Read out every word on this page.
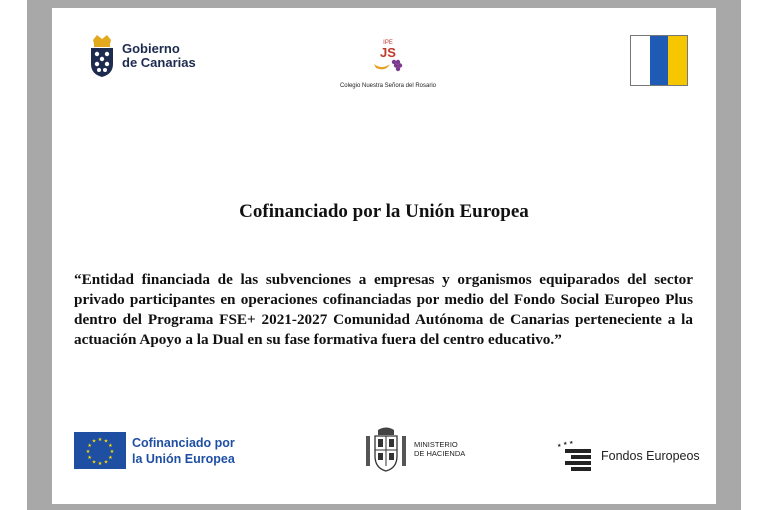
Gobierno
de Canarias
IPE
JS
Colegio Nuestra Señora del Rosario
Cofinanciado por la Unión Europea
“Entidad financiada de las subvenciones a empresas y organismos equiparados del sector privado participantes en operaciones cofinanciadas por medio del Fondo Social Europeo Plus dentro del Programa FSE+ 2021-2027 Comunidad Autónoma de Canarias perteneciente a la actuación Apoyo a la Dual en su fase formativa fuera del centro educativo.”
★ ★
★
★
★
★
★
★
★
★
★
★	Cofinanciado por
la Unión Europea
MINISTERIO
DE HACIENDA
★ ★ ★
Fondos Europeos
